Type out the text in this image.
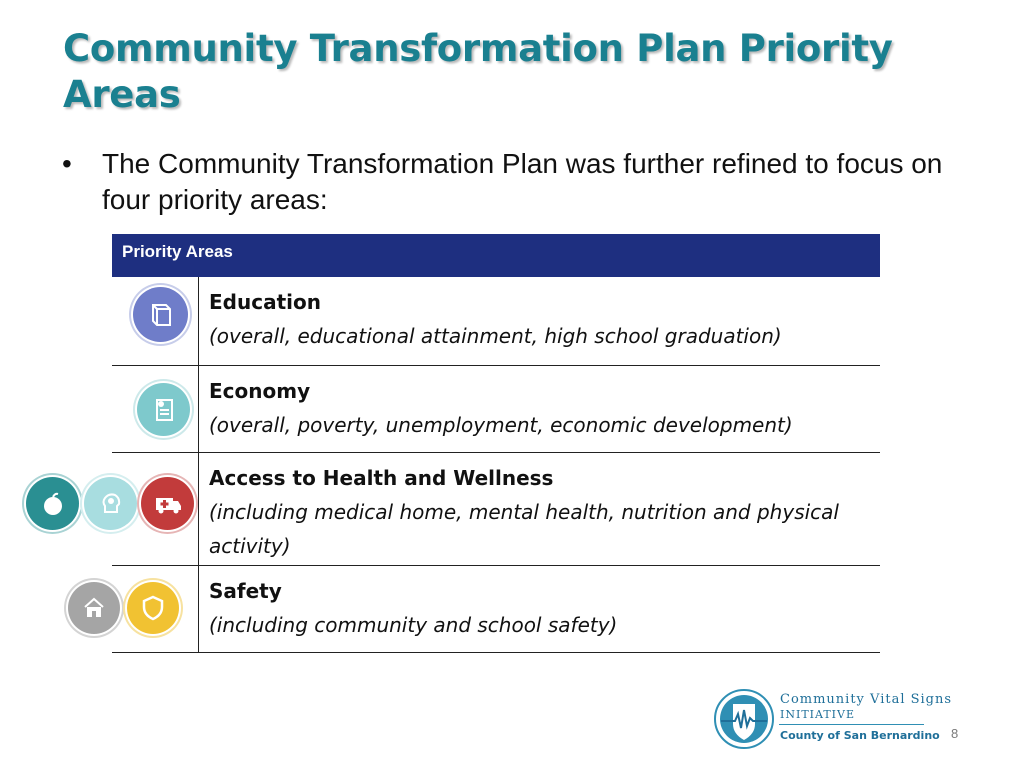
Community Transformation Plan Priority Areas
•	The Community Transformation Plan was further refined to focus on four priority areas:
Priority Areas
Education
(overall, educational attainment, high school graduation)
Economy
(overall, poverty, unemployment, economic development)
Access to Health and Wellness
(including medical home, mental health, nutrition and physical activity)
Safety
(including community and school safety)
Community Vital Signs
INITIATIVE
County of San Bernardino 8
